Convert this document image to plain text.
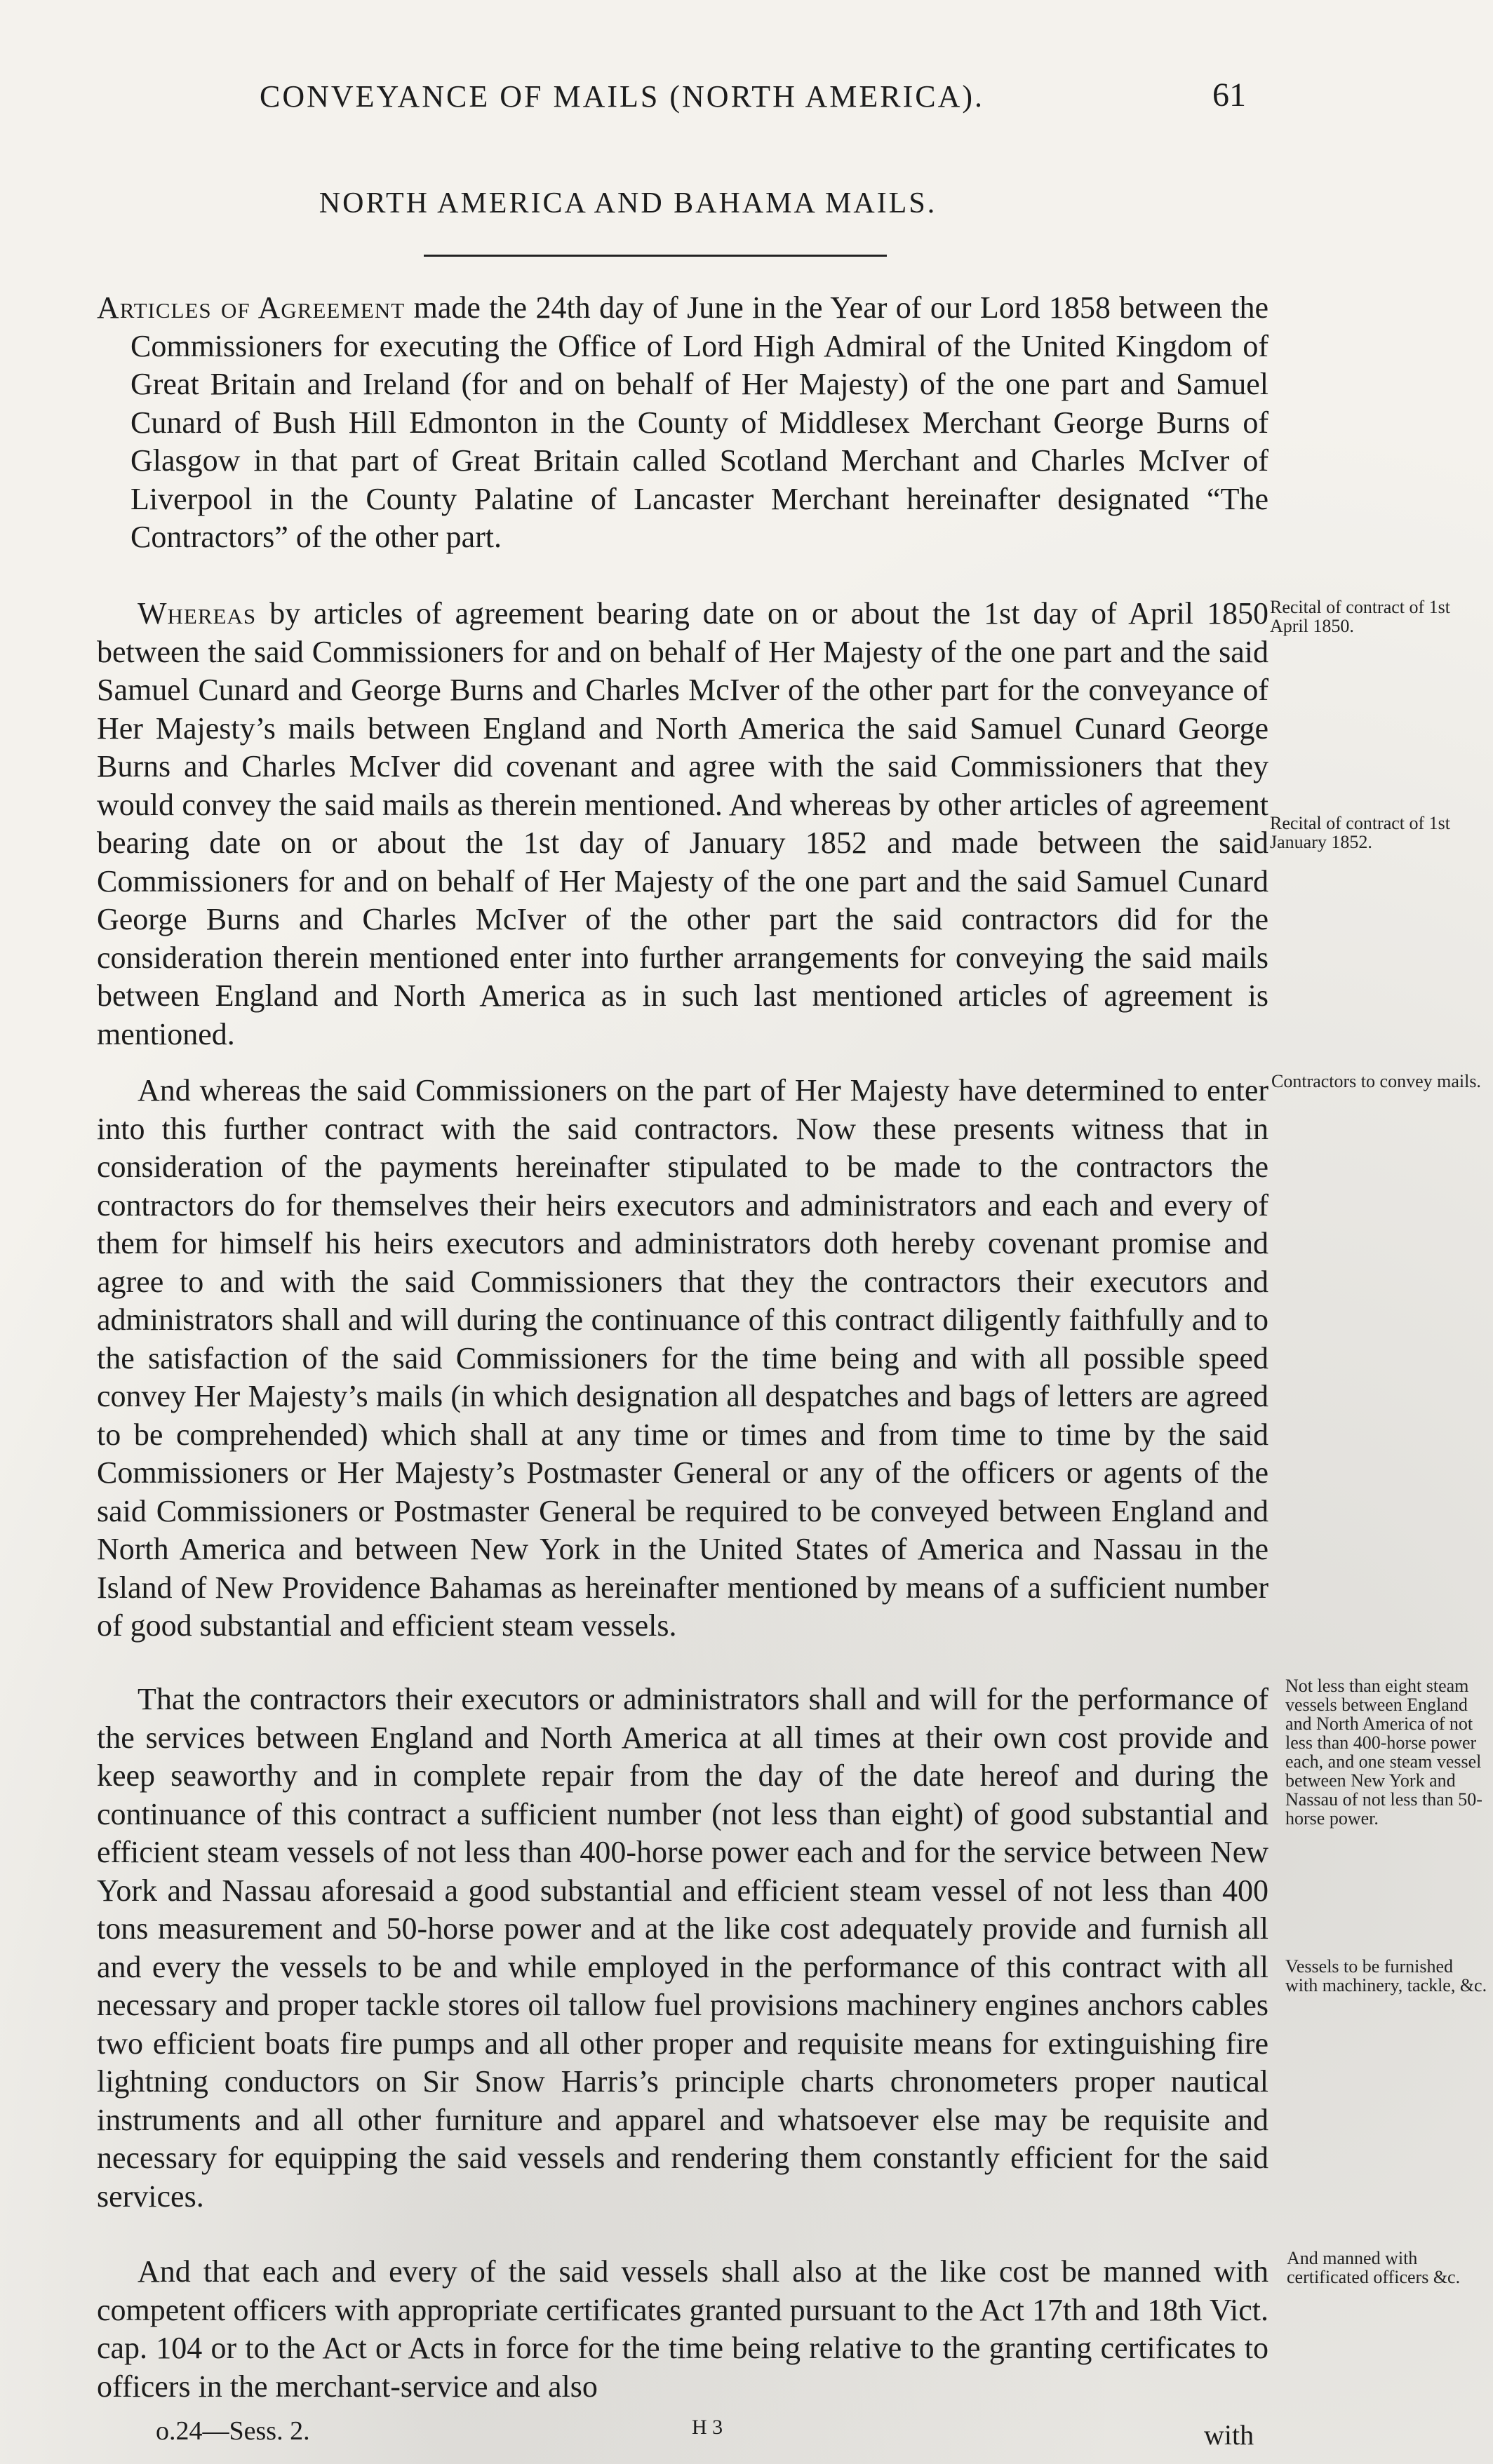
CONVEYANCE OF MAILS (NORTH AMERICA).	61
NORTH AMERICA AND BAHAMA MAILS.

Articles of Agreement made the 24th day of June in the Year of our Lord 1858 between the Commissioners for executing the Office of Lord High Admiral of the United Kingdom of Great Britain and Ireland (for and on behalf of Her Majesty) of the one part and Samuel Cunard of Bush Hill Edmonton in the County of Middlesex Merchant George Burns of Glasgow in that part of Great Britain called Scotland Merchant and Charles McIver of Liverpool in the County Palatine of Lancaster Merchant hereinafter designated “The Contractors” of the other part.

Whereas by articles of agreement bearing date on or about the 1st day of April 1850 between the said Commissioners for and on behalf of Her Majesty of the one part and the said Samuel Cunard and George Burns and Charles McIver of the other part for the conveyance of Her Majesty’s mails between England and North America the said Samuel Cunard George Burns and Charles McIver did covenant and agree with the said Commissioners that they would convey the said mails as therein mentioned. And whereas by other articles of agreement bearing date on or about the 1st day of January 1852 and made between the said Commissioners for and on behalf of Her Majesty of the one part and the said Samuel Cunard George Burns and Charles McIver of the other part the said contractors did for the consideration therein mentioned enter into further arrangements for conveying the said mails between England and North America as in such last mentioned articles of agreement is mentioned.

And whereas the said Commissioners on the part of Her Majesty have determined to enter into this further contract with the said contractors. Now these presents witness that in consideration of the payments hereinafter stipulated to be made to the contractors the contractors do for themselves their heirs executors and administrators and each and every of them for himself his heirs executors and administrators doth hereby covenant promise and agree to and with the said Commissioners that they the contractors their executors and administrators shall and will during the continuance of this contract diligently faithfully and to the satisfaction of the said Commissioners for the time being and with all possible speed convey Her Majesty’s mails (in which designation all despatches and bags of letters are agreed to be comprehended) which shall at any time or times and from time to time by the said Commissioners or Her Majesty’s Postmaster General or any of the officers or agents of the said Commissioners or Postmaster General be required to be conveyed between England and North America and between New York in the United States of America and Nassau in the Island of New Providence Bahamas as hereinafter mentioned by means of a sufficient number of good substantial and efficient steam vessels.

That the contractors their executors or administrators shall and will for the performance of the services between England and North America at all times at their own cost provide and keep seaworthy and in complete repair from the day of the date hereof and during the continuance of this contract a sufficient number (not less than eight) of good substantial and efficient steam vessels of not less than 400-horse power each and for the service between New York and Nassau aforesaid a good substantial and efficient steam vessel of not less than 400 tons measurement and 50-horse power and at the like cost adequately provide and furnish all and every the vessels to be and while employed in the performance of this contract with all necessary and proper tackle stores oil tallow fuel provisions machinery engines anchors cables two efficient boats fire pumps and all other proper and requisite means for extinguishing fire lightning conductors on Sir Snow Harris’s principle charts chronometers proper nautical instruments and all other furniture and apparel and whatsoever else may be requisite and necessary for equipping the said vessels and rendering them constantly efficient for the said services.

And that each and every of the said vessels shall also at the like cost be manned with competent officers with appropriate certificates granted pursuant to the Act 17th and 18th Vict. cap. 104 or to the Act or Acts in force for the time being relative to the granting certificates to officers in the merchant-service and also

Recital of contract of 1st April 1850.
Recital of contract of 1st January 1852.
Contractors to convey mails.
Not less than eight steam vessels between England and North America of not less than 400-horse power each, and one steam vessel between New York and Nassau of not less than 50-horse power.
Vessels to be furnished with machinery, tackle, &c.
And manned with certificated officers &c.
o.24—Sess. 2.	H 3	with
